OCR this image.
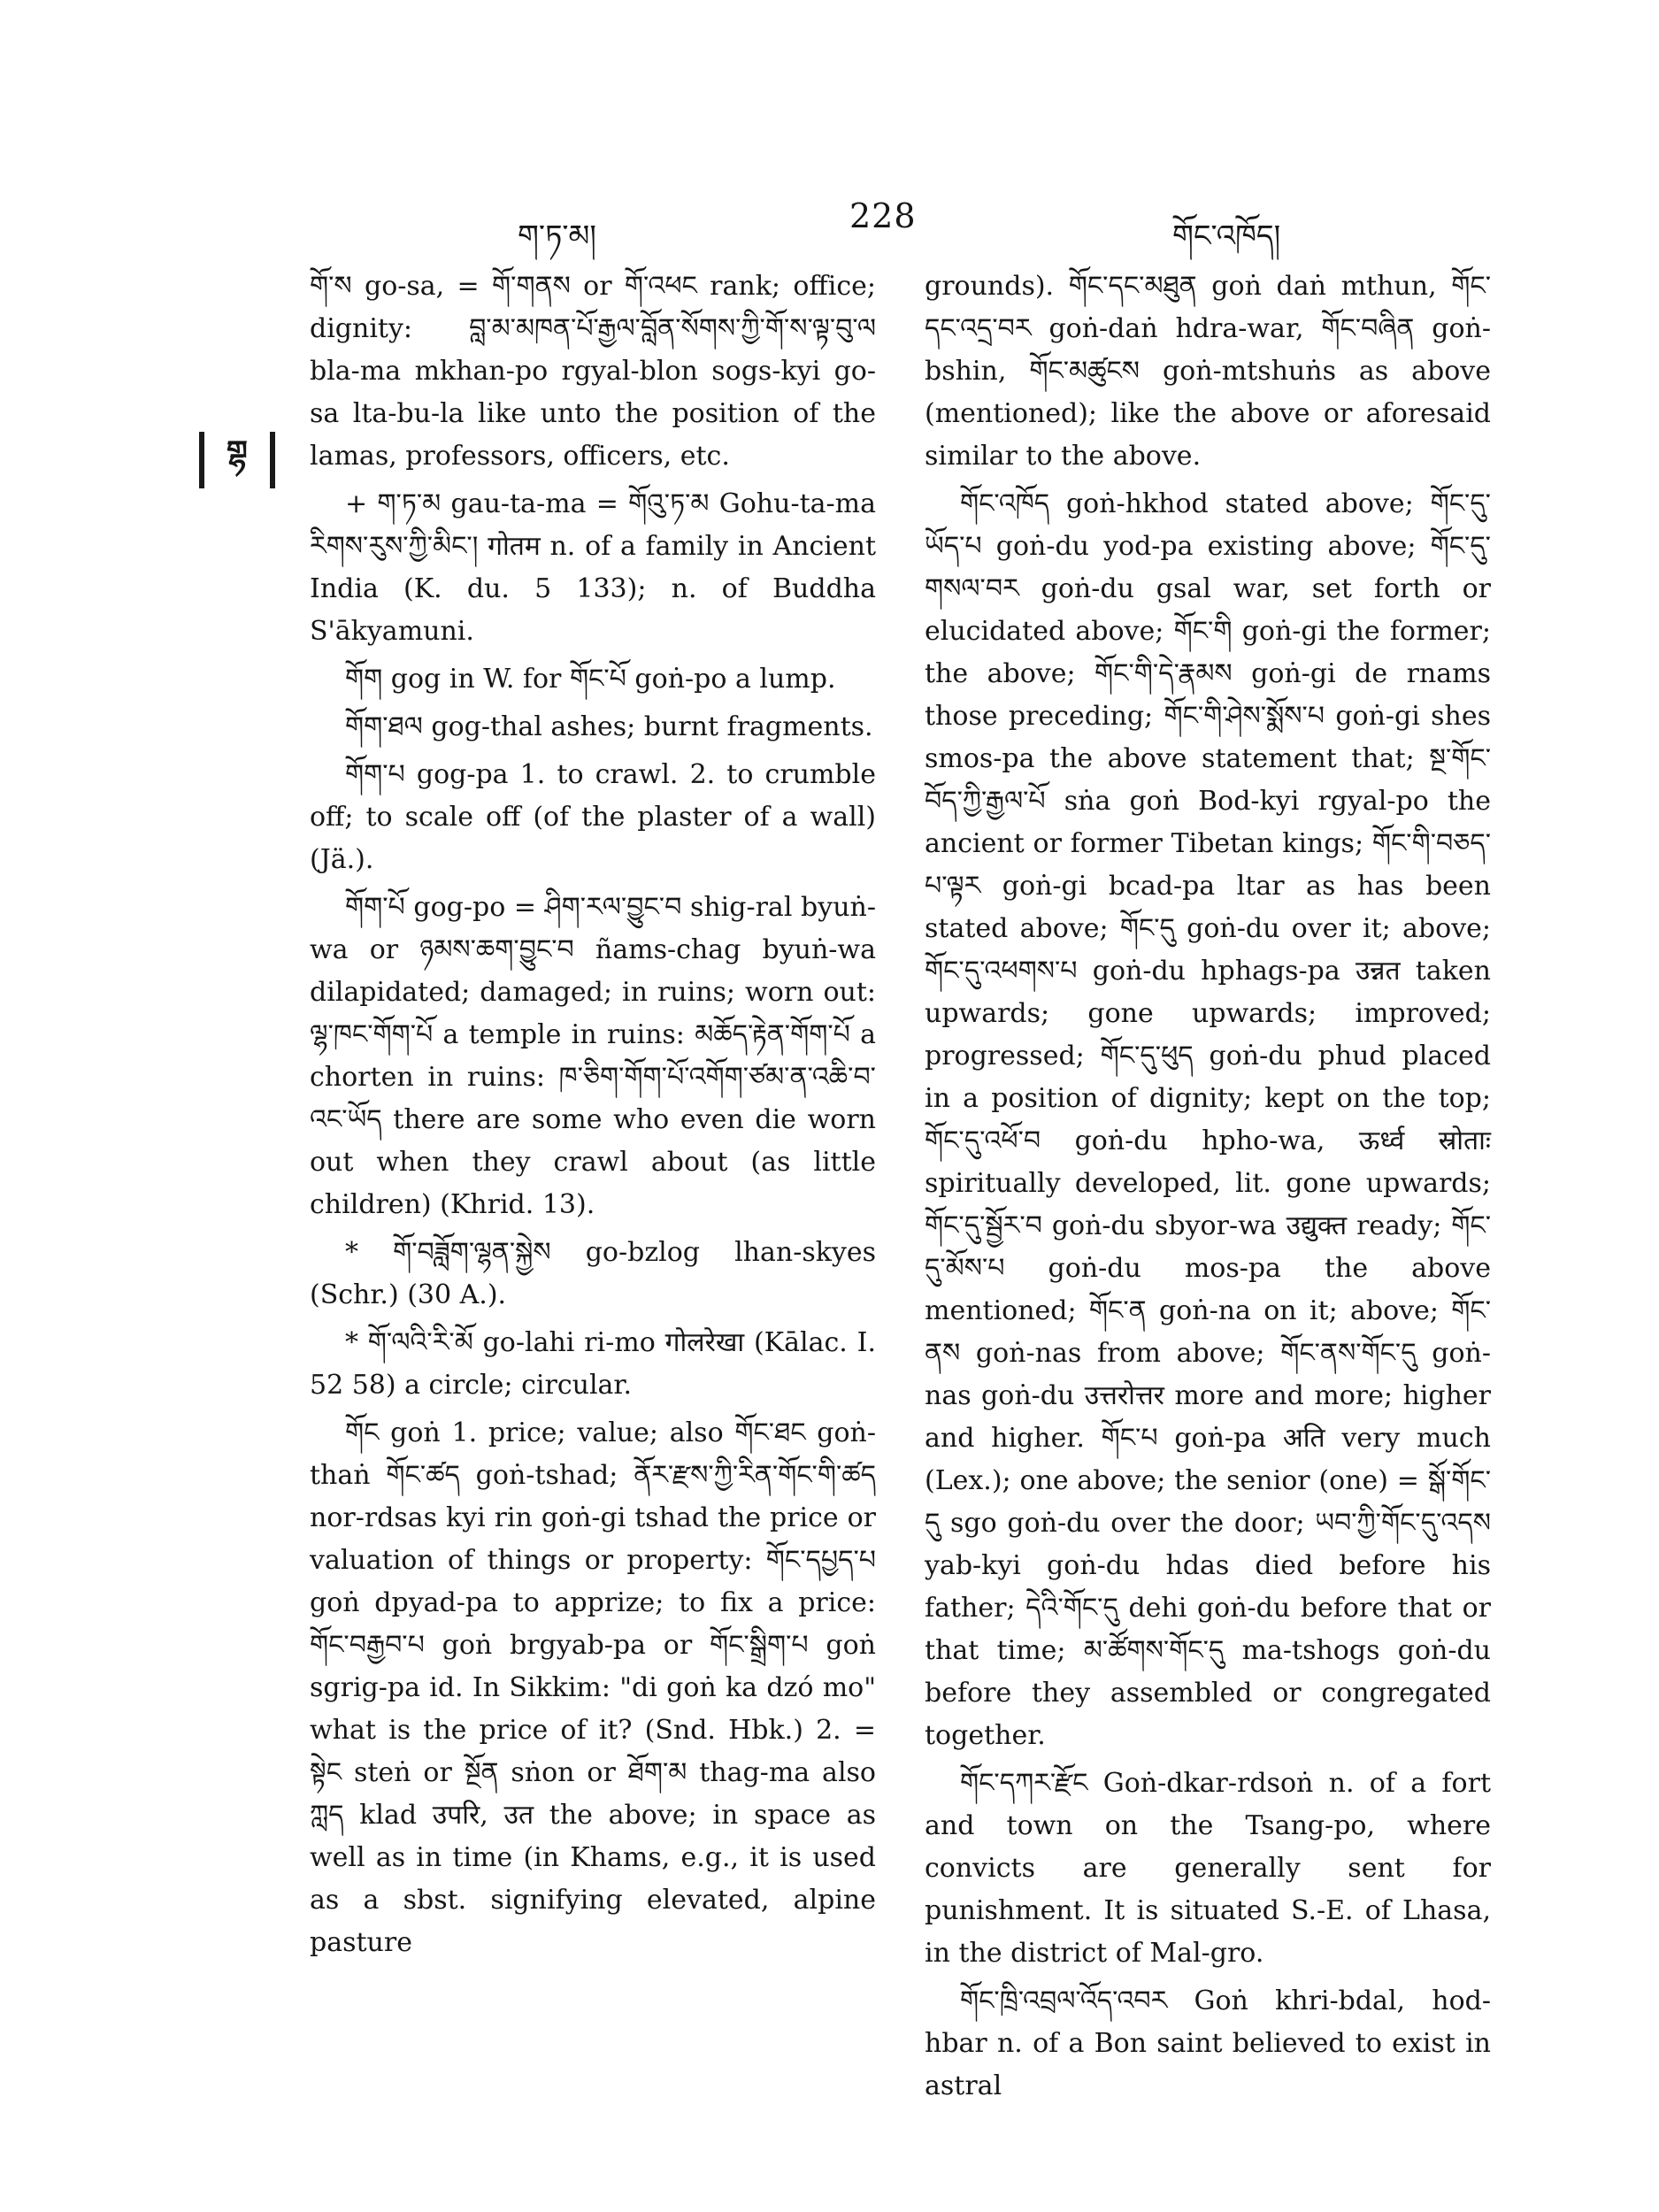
ག་ཏ་མ།
228
གོང་འཁོད།
གྷ

གོ་ས go-sa, = གོ་གནས or གོ་འཕང rank; office; dignity: བླ་མ་མཁན་པོ་རྒྱལ་བློན་སོགས་ཀྱི་གོ་ས་ལྟ་བུ་ལ bla-ma mkhan-po rgyal-blon sogs-kyi go-sa lta-bu-la like unto the position of the lamas, professors, officers, etc.

+ ག་ཏ་མ gau-ta-ma = གོའུ་ཏ་མ Gohu-ta-ma རིགས་རུས་ཀྱི་མིང་། गोतम n. of a family in Ancient India (K. du. 5 133); n. of Buddha S'ākyamuni.

གོག gog in W. for གོང་པོ goṅ-po a lump.

གོག་ཐལ gog-thal ashes; burnt fragments.

གོག་པ gog-pa 1. to crawl. 2. to crumble off; to scale off (of the plaster of a wall) (Jä.).

གོག་པོ gog-po = ཤིག་རལ་བྱུང་བ shig-ral byuṅ-wa or ཉམས་ཆག་བྱུང་བ ñams-chag byuṅ-wa dilapidated; damaged; in ruins; worn out: ལྷ་ཁང་གོག་པོ a temple in ruins: མཆོད་རྟེན་གོག་པོ a chorten in ruins: ཁ་ཅིག་གོག་པོ་འགོག་ཙམ་ན་འཆི་བ་འང་ཡོད there are some who even die worn out when they crawl about (as little children) (Khrid. 13).

* གོ་བཟློག་ལྷན་སྐྱེས go-bzlog lhan-skyes (Schr.) (30 A.).

* གོ་ལའི་རི་མོ go-lahi ri-mo गोलरेखा (Kālac. I. 52 58) a circle; circular.

གོང goṅ 1. price; value; also གོང་ཐང goṅ-thaṅ གོང་ཚད goṅ-tshad; ནོར་རྫས་ཀྱི་རིན་གོང་གི་ཚད nor-rdsas kyi rin goṅ-gi tshad the price or valuation of things or property: གོང་དཔྱད་པ goṅ dpyad-pa to apprize; to fix a price: གོང་བརྒྱབ་པ goṅ brgyab-pa or གོང་སྒྲིག་པ goṅ sgrig-pa id. In Sikkim: "di goṅ ka dzó mo" what is the price of it? (Snd. Hbk.) 2. = སྟེང steṅ or སྔོན sṅon or ཐོག་མ thag-ma also ཀླད klad उपरि, उत the above; in space as well as in time (in Khams, e.g., it is used as a sbst. signifying elevated, alpine pasture

grounds). གོང་དང་མཐུན goṅ daṅ mthun, གོང་དང་འདྲ་བར goṅ-daṅ hdra-war, གོང་བཞིན goṅ-bshin, གོང་མཚུངས goṅ-mtshuṅs as above (mentioned); like the above or aforesaid similar to the above.

གོང་འཁོད goṅ-hkhod stated above; གོང་དུ་ཡོད་པ goṅ-du yod-pa existing above; གོང་དུ་གསལ་བར goṅ-du gsal war, set forth or elucidated above; གོང་གི goṅ-gi the former; the above; གོང་གི་དེ་རྣམས goṅ-gi de rnams those preceding; གོང་གི་ཤེས་སྨོས་པ goṅ-gi shes smos-pa the above statement that; སྔ་གོང་བོད་ཀྱི་རྒྱལ་པོ sṅa goṅ Bod-kyi rgyal-po the ancient or former Tibetan kings; གོང་གི་བཅད་པ་ལྟར goṅ-gi bcad-pa ltar as has been stated above; གོང་དུ goṅ-du over it; above; གོང་དུ་འཕགས་པ goṅ-du hphags-pa उन्नत taken upwards; gone upwards; improved; progressed; གོང་དུ་ཕུད goṅ-du phud placed in a position of dignity; kept on the top; གོང་དུ་འཕོ་བ goṅ-du hpho-wa, ऊर्ध्व स्रोताः spiritually developed, lit. gone upwards; གོང་དུ་སྦྱོར་བ goṅ-du sbyor-wa उद्युक्त ready; གོང་དུ་མོས་པ goṅ-du mos-pa the above mentioned; གོང་ན goṅ-na on it; above; གོང་ནས goṅ-nas from above; གོང་ནས་གོང་དུ goṅ-nas goṅ-du उत्तरोत्तर more and more; higher and higher. གོང་པ goṅ-pa अति very much (Lex.); one above; the senior (one) = སྒོ་གོང་དུ sgo goṅ-du over the door; ཡབ་ཀྱི་གོང་དུ་འདས yab-kyi goṅ-du hdas died before his father; དེའི་གོང་དུ dehi goṅ-du before that or that time; མ་ཚོགས་གོང་དུ ma-tshogs goṅ-du before they assembled or congregated together.

གོང་དཀར་རྫོང Goṅ-dkar-rdsoṅ n. of a fort and town on the Tsang-po, where convicts are generally sent for punishment. It is situated S.-E. of Lhasa, in the district of Mal-gro.

གོང་ཁྲི་འབྲལ་འོད་འབར Goṅ khri-bdal, hod-hbar n. of a Bon saint believed to exist in astral
